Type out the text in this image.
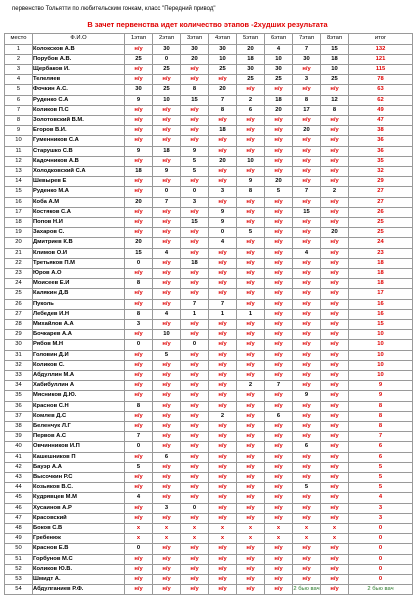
первенство Тольятти по любительским гонкам, класс "Передний привод"
В зачет первенства идет количество этапов -2худших результата
место	Ф.И.О	1этап	2этап	3этап	4этап	5этап	6этап	7этап	8этап	итог
1	Колоксков А.В	н/у	30	30	30	20	4	7	15	132
2	Порубов А.В.	25	0	20	10	18	10	30	18	121
3	Щербаков И.	н/у	25	н/у	25	30	30	н/у	10	115
4	Телеляев	н/у	н/у	н/у	н/у	25	25	3	25	78
5	Фочкин А.С.	30	25	8	20	н/у	н/у	н/у	н/у	63
6	Руденко С.А	9	10	15	7	2	18	8	12	62
7	Коликов П.С	н/у	н/у	н/у	8	6	20	17	8	49
8	Золотовский В.М.	н/у	н/у	н/у	н/у	н/у	н/у	н/у	н/у	47
9	Егоров В.И.	н/у	н/у	н/у	18	н/у	н/у	20	н/у	38
10	Гуменников С.А	н/у	н/у	н/у	н/у	н/у	н/у	н/у	н/у	36
11	Старушко С.В	9	18	9	н/у	н/у	н/у	н/у	н/у	36
12	Кадочников А.В	н/у	н/у	5	20	10	н/у	н/у	н/у	35
13	Холодковский С.А	18	9	5	н/у	н/у	н/у	н/у	н/у	32
14	Шевырев Е	н/у	н/у	н/у	н/у	9	20	н/у	н/у	29
15	Руденко М.А	н/у	0	0	3	8	5	7	2	27
16	Коба А.М	20	7	3	н/у	н/у	н/у	н/у	н/у	27
17	Костяков С.А	н/у	н/у	н/у	9	н/у	н/у	15	н/у	26
18	Попов Н.И	н/у	н/у	15	9	н/у	н/у	н/у	н/у	25
19	Захаров С.	н/у	н/у	н/у	0	5	н/у	н/у	20	25
20	Дмитриев К.В	20	н/у	н/у	4	н/у	н/у	н/у	н/у	24
21	Климов О.И	15	4	н/у	н/у	н/у	н/у	4	н/у	23
22	Третьяков П.М	0	н/у	18	н/у	н/у	н/у	н/у	н/у	18
23	Юров А.О	н/у	н/у	н/у	н/у	н/у	н/у	н/у	н/у	18
24	Моисеев Е.И	8	н/у	н/у	н/у	н/у	н/у	н/у	н/у	18
25	Калякин Д.В	н/у	н/у	н/у	н/у	н/у	н/у	н/у	н/у	17
26	Пуколь	н/у	н/у	7	7	н/у	н/у	н/у	н/у	16
27	Лебедев И.Н	8	4	1	1	1	н/у	н/у	н/у	16
28	Михайлов А.А	3	н/у	н/у	н/у	н/у	н/у	н/у	н/у	15
29	Бочкарев А.А	н/у	10	н/у	н/у	н/у	н/у	н/у	н/у	10
30	Рябов М.Н	0	н/у	0	н/у	н/у	н/у	н/у	н/у	10
31	Головин Д.И	н/у	5	н/у	н/у	н/у	н/у	н/у	н/у	10
32	Коликов С.	н/у	н/у	н/у	н/у	н/у	н/у	н/у	н/у	10
33	Абдуллин М.А	н/у	н/у	н/у	н/у	н/у	н/у	н/у	н/у	10
34	Хабибуллин А	н/у	н/у	н/у	н/у	2	7	н/у	н/у	9
35	Мясников Д.Ю.	н/у	н/у	н/у	н/у	н/у	н/у	9	н/у	9
36	Краснов С.Н	8	н/у	н/у	н/у	н/у	н/у	н/у	н/у	8
37	Комлев Д.С	н/у	н/у	н/у	2	н/у	6	н/у	н/у	8
38	Беленчук Л.Г	н/у	н/у	н/у	н/у	н/у	н/у	н/у	н/у	8
39	Первов А.С	7	н/у	н/у	н/у	н/у	н/у	н/у	н/у	7
40	Овчинников И.П	0	н/у	н/у	н/у	н/у	н/у	6	н/у	6
41	Кашешников П	н/у	6	н/у	н/у	н/у	н/у	н/у	н/у	6
42	Бауэр А.А	5	н/у	н/у	н/у	н/у	н/у	н/у	н/у	5
43	Высочкин Р.С	н/у	н/у	н/у	н/у	н/у	н/у	н/у	н/у	5
44	Козьяков В.С.	н/у	н/у	н/у	н/у	н/у	н/у	5	н/у	5
45	Кудрявцев М.М	4	н/у	н/у	н/у	н/у	н/у	н/у	н/у	4
46	Хусаинов А.Р	н/у	3	0	н/у	н/у	н/у	н/у	н/у	3
47	Красовский	н/у	н/у	н/у	н/у	н/у	н/у	н/у	н/у	3
48	Боков С.В	х	х	х	х	х	х	х	х	0
49	Гребенюк	х	х	х	х	х	х	х	х	0
50	Краснов Е.В	0	н/у	н/у	н/у	н/у	н/у	н/у	н/у	0
51	Горбунов М.С	н/у	н/у	н/у	н/у	н/у	н/у	н/у	н/у	0
52	Коликов Ю.В.	н/у	н/у	н/у	н/у	н/у	н/у	н/у	н/у	0
53	Шмидт А.	н/у	н/у	н/у	н/у	н/у	н/у	н/у	н/у	0
54	Абдулганиев Р.Ф.	н/у	н/у	н/у	н/у	н/у	н/у	2 бью вач	н/у	2 бью вач
